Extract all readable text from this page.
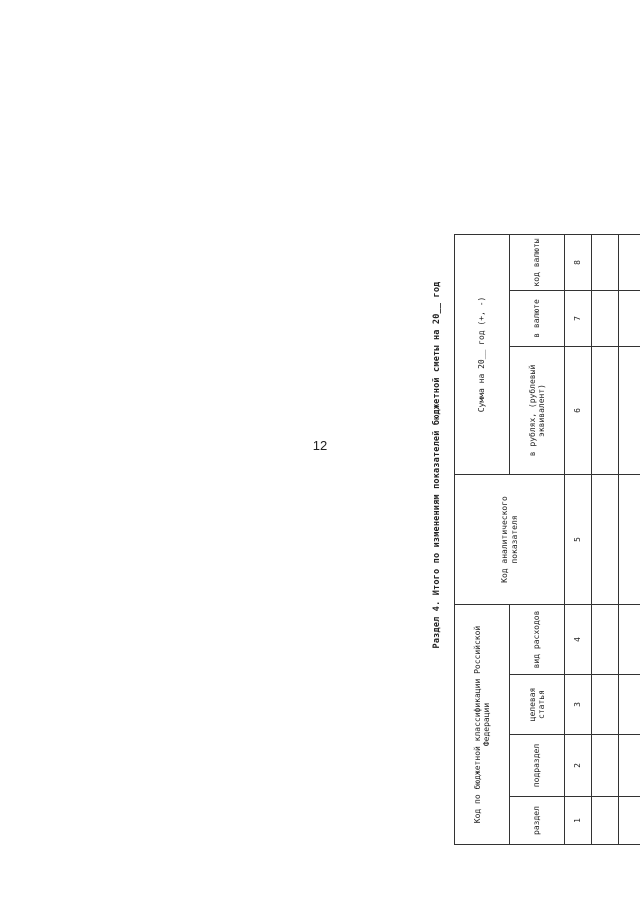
12	Раздел 4. Итого по изменениям показателей бюджетной сметы на 20__ год
Код по бюджетной классификации Российской Федерации				Код аналитического показателя	Сумма на 20__ год (+, -)			
раздел	подраздел	целевая статья	вид расходов		в рублях, (рублевый эквивалент)	в валюте	код валюты	
1	2	3	4	5	6	7	8	
